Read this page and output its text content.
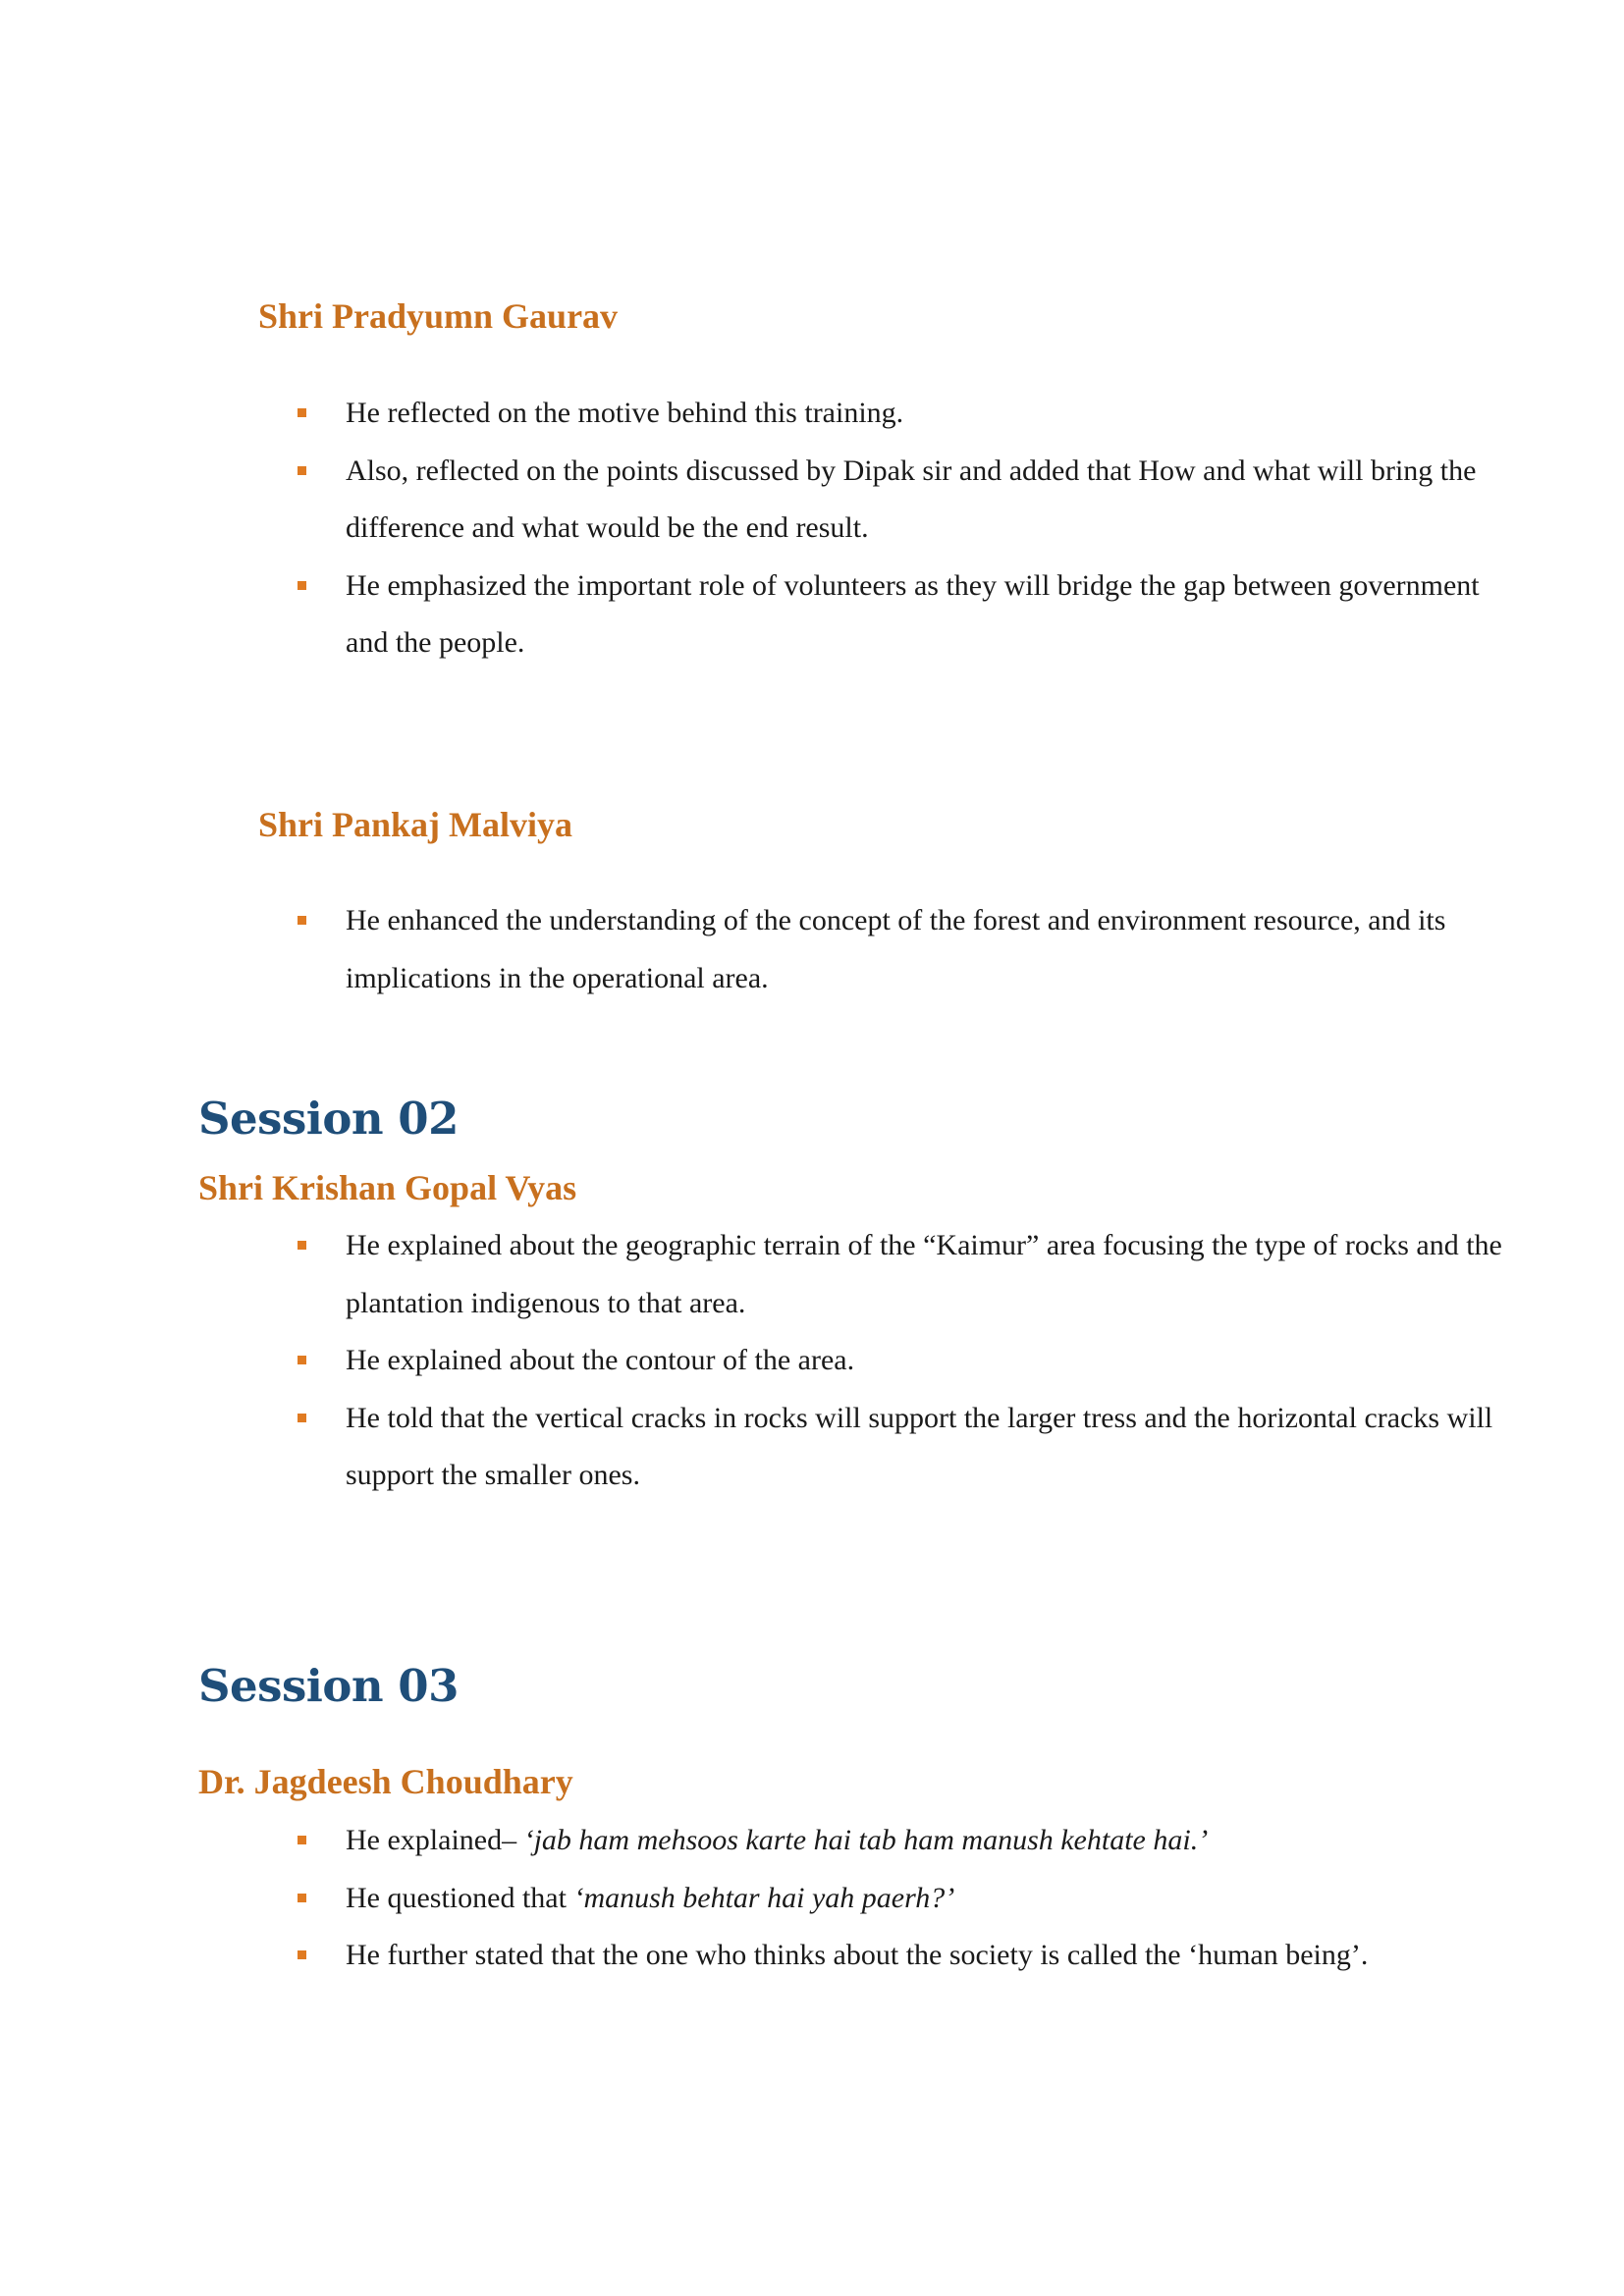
Shri Pradyumn Gaurav
He reflected on the motive behind this training.
Also, reflected on the points discussed by Dipak sir and added that How and what will bring the difference and what would be the end result.
He emphasized the important role of volunteers as they will bridge the gap between government and the people.
Shri Pankaj Malviya
He enhanced the understanding of the concept of the forest and environment resource, and its implications in the operational area.
Session 02
Shri Krishan Gopal Vyas
He explained about the geographic terrain of the “Kaimur” area focusing the type of rocks and the plantation indigenous to that area.
He explained about the contour of the area.
He told that the vertical cracks in rocks will support the larger tress and the horizontal cracks will support the smaller ones.
Session 03
Dr. Jagdeesh Choudhary
He explained– ‘jab ham mehsoos karte hai tab ham manush kehtate hai.’
He questioned that ‘manush behtar hai yah paerh?’
He further stated that the one who thinks about the society is called the ‘human being’.
